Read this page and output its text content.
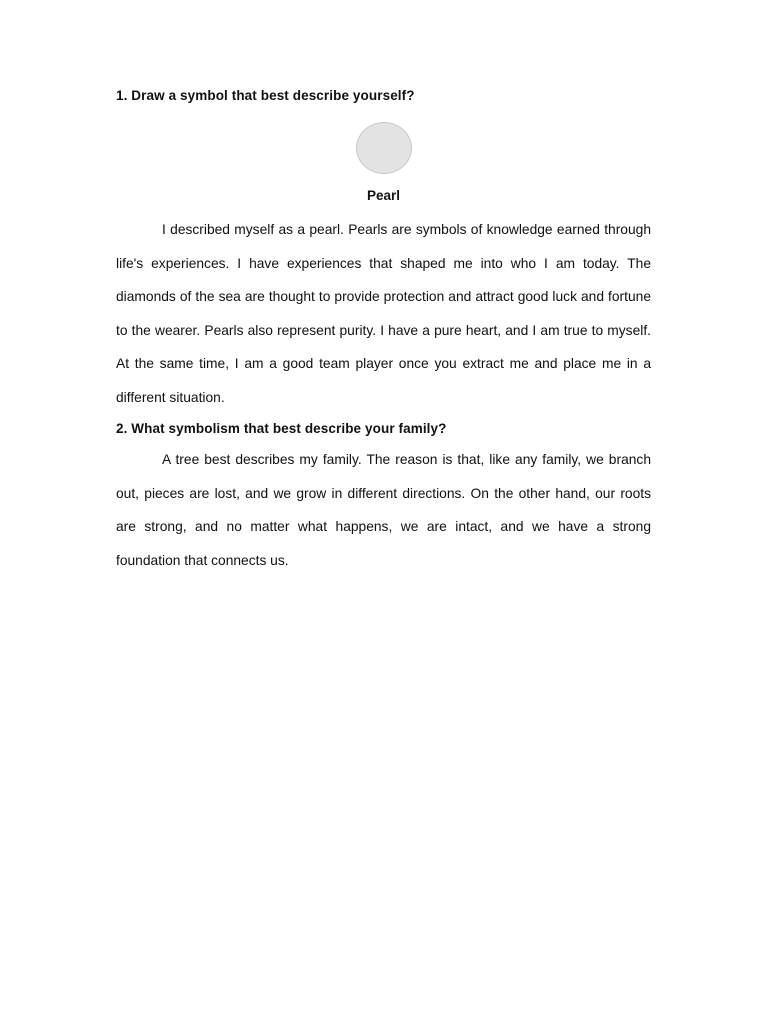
1. Draw a symbol that best describe yourself?

Pearl

I described myself as a pearl. Pearls are symbols of knowledge earned through life's experiences. I have experiences that shaped me into who I am today. The diamonds of the sea are thought to provide protection and attract good luck and fortune to the wearer. Pearls also represent purity. I have a pure heart, and I am true to myself. At the same time, I am a good team player once you extract me and place me in a different situation.

2. What symbolism that best describe your family?

A tree best describes my family. The reason is that, like any family, we branch out, pieces are lost, and we grow in different directions. On the other hand, our roots are strong, and no matter what happens, we are intact, and we have a strong foundation that connects us.
